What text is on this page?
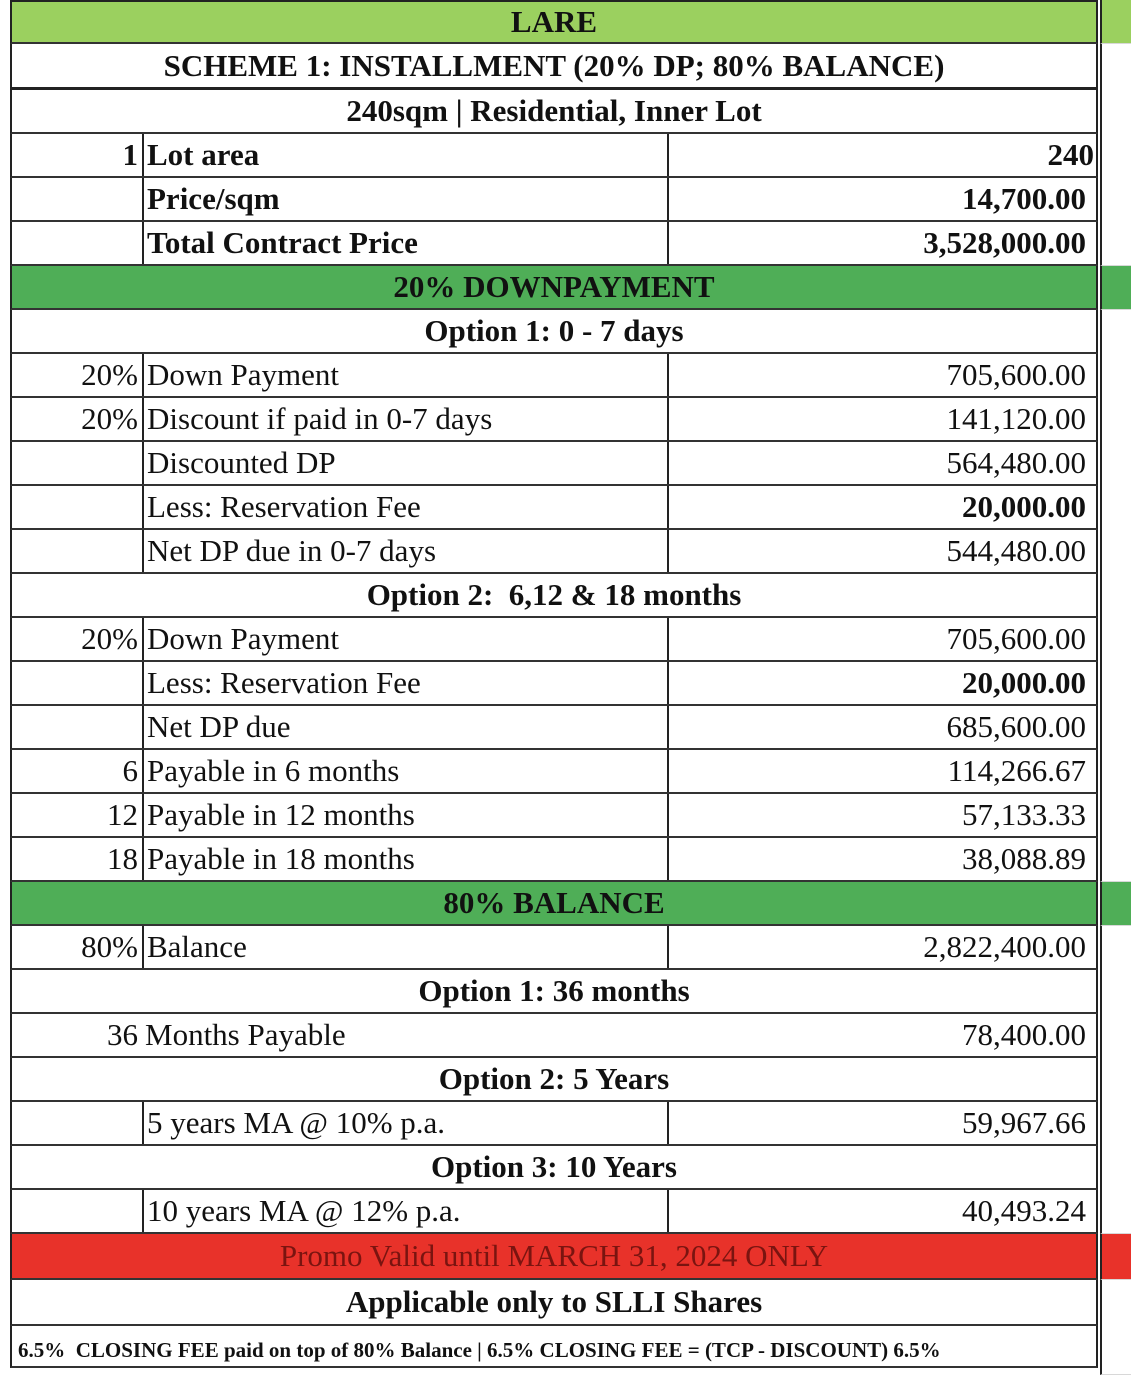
LARE
SCHEME 1: INSTALLMENT (20% DP; 80% BALANCE)
240sqm | Residential, Inner Lot
1 Lot area	240
Price/sqm	14,700.00
Total Contract Price	3,528,000.00
20% DOWNPAYMENT
Option 1: 0 - 7 days
20% Down Payment	705,600.00
20% Discount if paid in 0-7 days	141,120.00
Discounted DP	564,480.00
Less: Reservation Fee	20,000.00
Net DP due in 0-7 days	544,480.00
Option 2:  6,12 & 18 months
20% Down Payment	705,600.00
Less: Reservation Fee	20,000.00
Net DP due	685,600.00
6 Payable in 6 months	114,266.67
12 Payable in 12 months	57,133.33
18 Payable in 18 months	38,088.89
80% BALANCE
80% Balance	2,822,400.00
Option 1: 36 months
36 Months Payable	78,400.00
Option 2: 5 Years
5 years MA @ 10% p.a.	59,967.66
Option 3: 10 Years
10 years MA @ 12% p.a.	40,493.24
Promo Valid until MARCH 31, 2024 ONLY
Applicable only to SLLI Shares
6.5%  CLOSING FEE paid on top of 80% Balance | 6.5% CLOSING FEE = (TCP - DISCOUNT) 6.5%
